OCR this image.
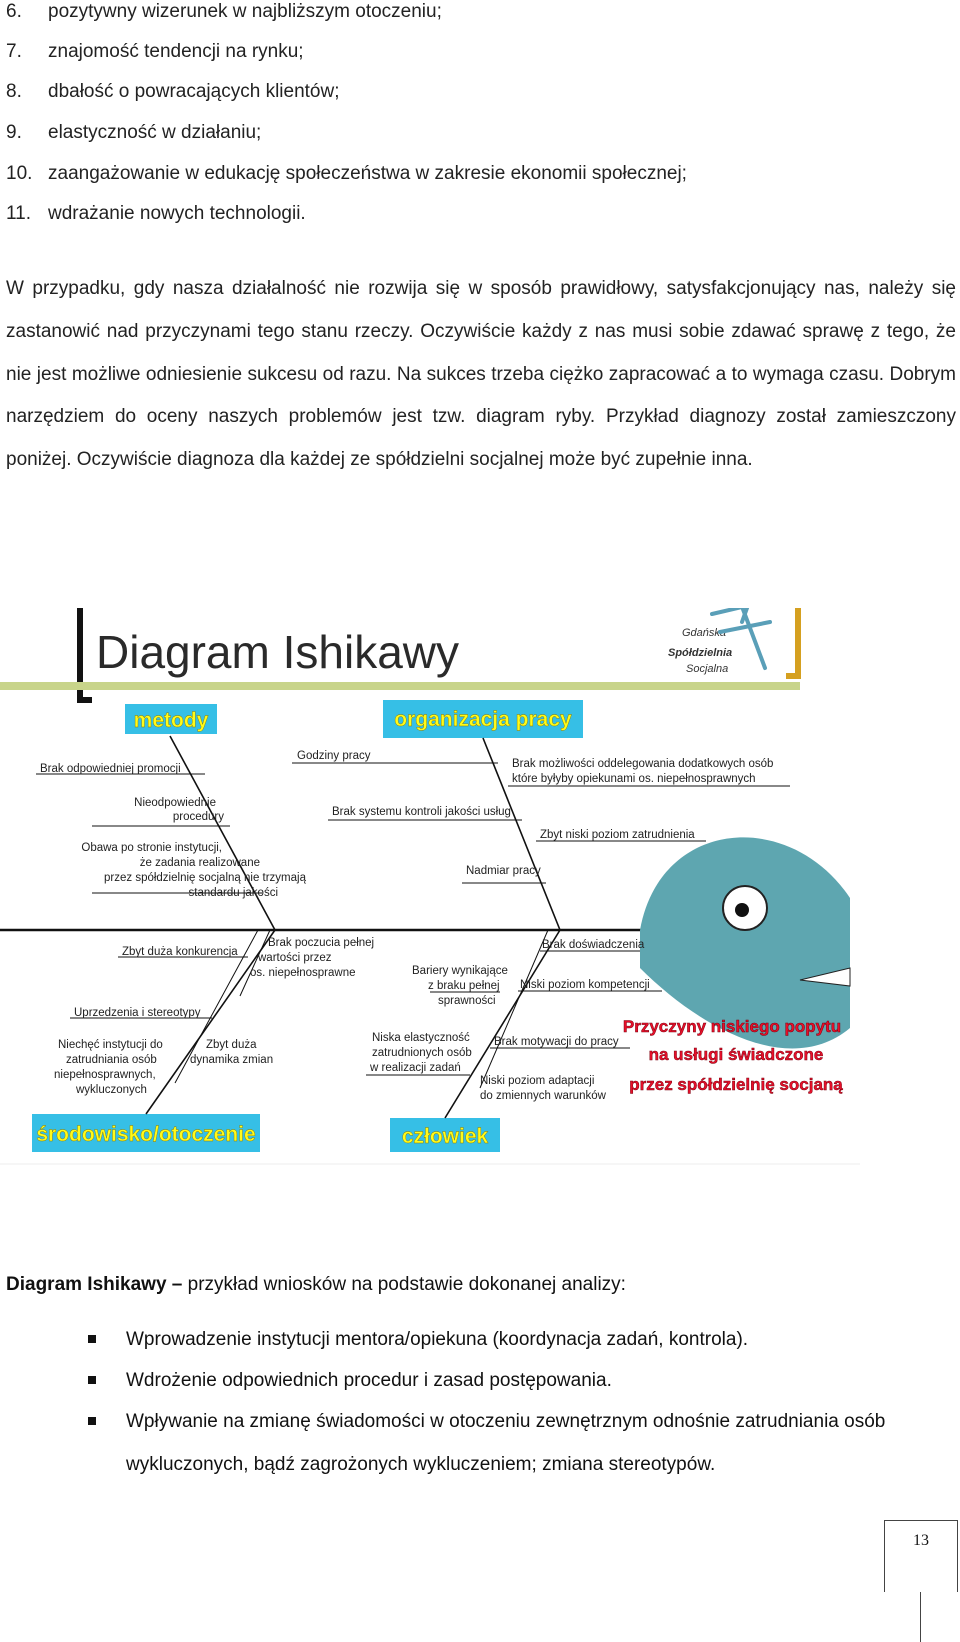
6. pozytywny wizerunek w najbliższym otoczeniu;
7. znajomość tendencji na rynku;
8. dbałość o powracających klientów;
9. elastyczność w działaniu;
10. zaangażowanie w edukację społeczeństwa w zakresie ekonomii społecznej;
11. wdrażanie nowych technologii.

W przypadku, gdy nasza działalność nie rozwija się w sposób prawidłowy, satysfakcjonujący nas, należy się zastanowić nad przyczynami tego stanu rzeczy. Oczywiście każdy z nas musi sobie zdawać sprawę z tego, że nie jest możliwe odniesienie sukcesu od razu. Na sukces trzeba ciężko zapracować a to wymaga czasu. Dobrym narzędziem do oceny naszych problemów jest tzw. diagram ryby. Przykład diagnozy został zamieszczony poniżej. Oczywiście diagnoza dla każdej ze spółdzielni socjalnej może być zupełnie inna.

Diagram Ishikawy	Gdańska
Spółdzielnia
Socjalna
metody	organizacja pracy
środowisko/otoczenie	człowiek
Przyczyny niskiego popytu
na usługi świadczone
przez spółdzielnię socjaną
Brak odpowiedniej promocji
Nieodpowiednie
procedury
Obawa po stronie instytucji,
że zadania realizowane
przez spółdzielnię socjalną nie trzymają
standardu jakości
Godziny pracy
Brak możliwości oddelegowania dodatkowych osób
które byłyby opiekunami os. niepełnosprawnych
Brak systemu kontroli jakości usług
Zbyt niski poziom zatrudnienia
Nadmiar pracy
Zbyt duża konkurencja
Brak poczucia pełnej
wartości przez
os. niepełnosprawne
Uprzedzenia i stereotypy
Niechęć instytucji do
zatrudniania osób
niepełnosprawnych,
wykluczonych
Zbyt duża
dynamika zmian
Brak doświadczenia
Bariery wynikające
z braku pełnej
sprawności
Niski poziom kompetencji
Niska elastyczność
zatrudnionych osób
w realizacji zadań
Brak motywacji do pracy
Niski poziom adaptacji
do zmiennych warunków

Diagram Ishikawy – przykład wniosków na podstawie dokonanej analizy:

Wprowadzenie instytucji mentora/opiekuna (koordynacja zadań, kontrola).
Wdrożenie odpowiednich procedur i zasad postępowania.
Wpływanie na zmianę świadomości w otoczeniu zewnętrznym odnośnie zatrudniania osób wykluczonych, bądź zagrożonych wykluczeniem; zmiana stereotypów.
13
